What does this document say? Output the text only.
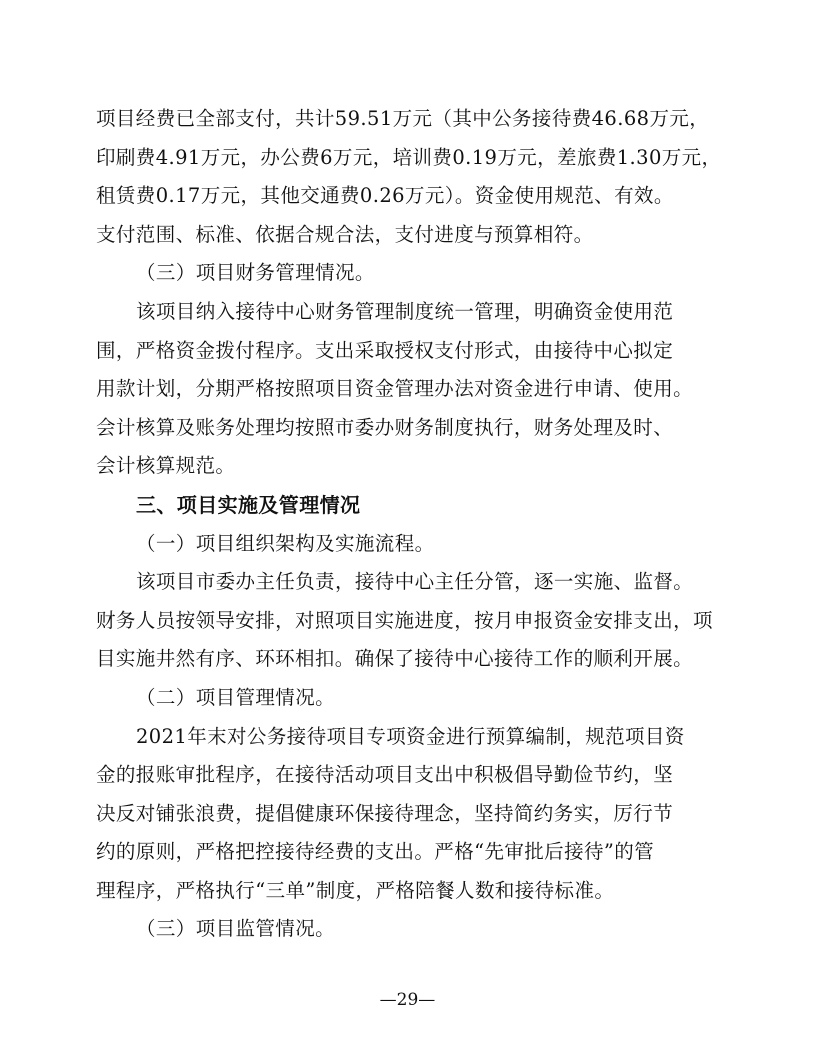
项目经费已全部支付，共计59.51万元（其中公务接待费46.68万元，
印刷费4.91万元，办公费6万元，培训费0.19万元，差旅费1.30万元，
租赁费0.17万元，其他交通费0.26万元）。资金使用规范、有效。
支付范围、标准、依据合规合法，支付进度与预算相符。
（三）项目财务管理情况。
该项目纳入接待中心财务管理制度统一管理，明确资金使用范
围，严格资金拨付程序。支出采取授权支付形式，由接待中心拟定
用款计划，分期严格按照项目资金管理办法对资金进行申请、使用。
会计核算及账务处理均按照市委办财务制度执行，财务处理及时、
会计核算规范。
三、项目实施及管理情况
（一）项目组织架构及实施流程。
该项目市委办主任负责，接待中心主任分管，逐一实施、监督。
财务人员按领导安排，对照项目实施进度，按月申报资金安排支出，项
目实施井然有序、环环相扣。确保了接待中心接待工作的顺利开展。
（二）项目管理情况。
2021年末对公务接待项目专项资金进行预算编制，规范项目资
金的报账审批程序，在接待活动项目支出中积极倡导勤俭节约，坚
决反对铺张浪费，提倡健康环保接待理念，坚持简约务实，厉行节
约的原则，严格把控接待经费的支出。严格“先审批后接待”的管
理程序，严格执行“三单”制度，严格陪餐人数和接待标准。
（三）项目监管情况。
—29—
